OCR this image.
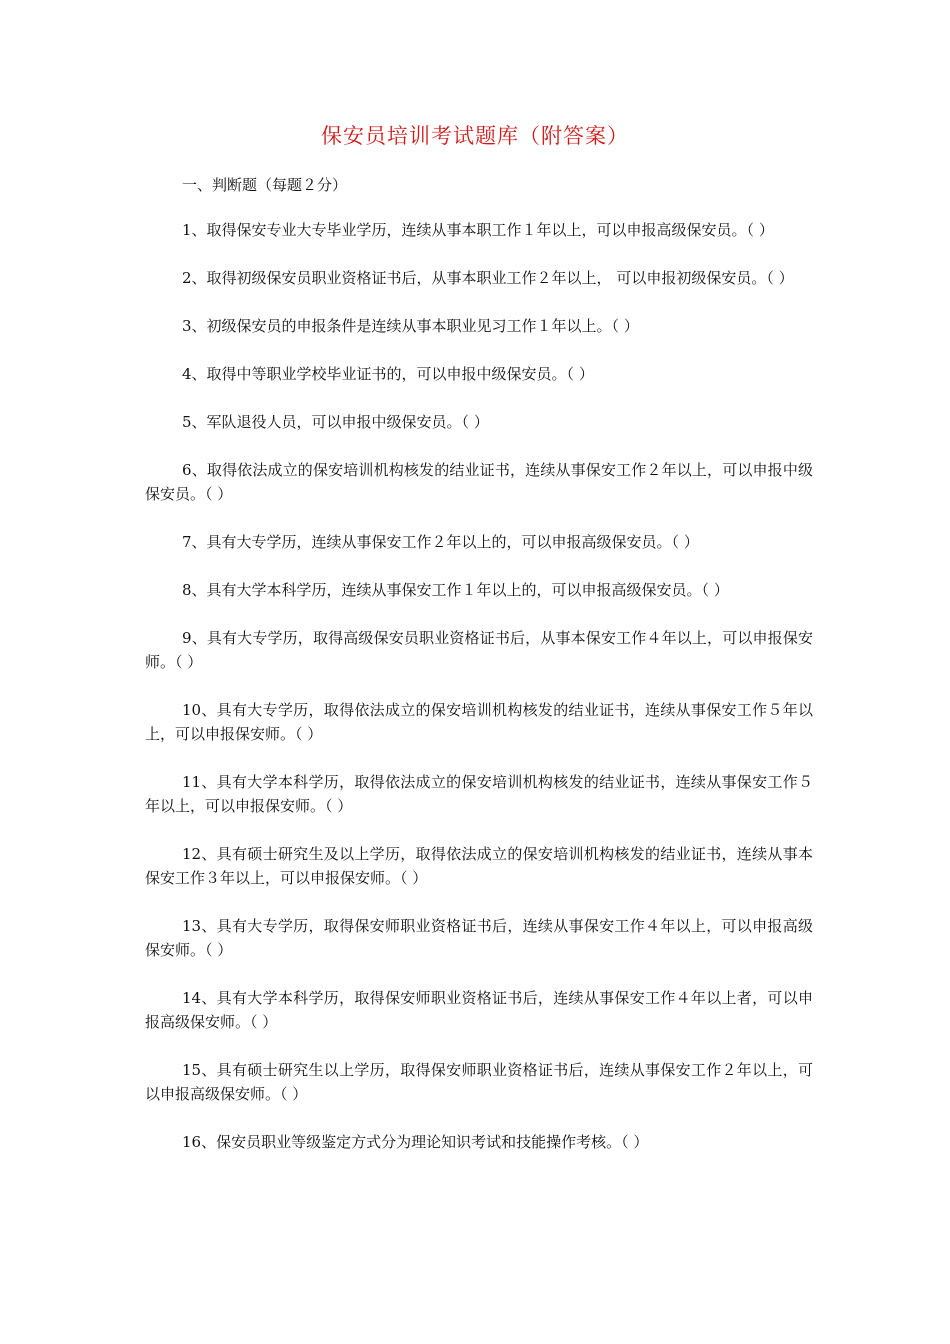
保安员培训考试题库（附答案）
一、判断题（每题２分）
1、取得保安专业大专毕业学历，连续从事本职工作１年以上，可以申报高级保安员。（ ）
2、取得初级保安员职业资格证书后，从事本职业工作２年以上， 可以申报初级保安员。（ ）
3、初级保安员的申报条件是连续从事本职业见习工作１年以上。（ ）
4、取得中等职业学校毕业证书的，可以申报中级保安员。（ ）
5、军队退役人员，可以申报中级保安员。（ ）
6、取得依法成立的保安培训机构核发的结业证书，连续从事保安工作２年以上，可以申报中级保安员。（ ）
7、具有大专学历，连续从事保安工作２年以上的，可以申报高级保安员。（ ）
8、具有大学本科学历，连续从事保安工作１年以上的，可以申报高级保安员。（ ）
9、具有大专学历，取得高级保安员职业资格证书后，从事本保安工作４年以上，可以申报保安师。（ ）
10、具有大专学历，取得依法成立的保安培训机构核发的结业证书，连续从事保安工作５年以上，可以申报保安师。（ ）
11、具有大学本科学历，取得依法成立的保安培训机构核发的结业证书，连续从事保安工作５年以上，可以申报保安师。（ ）
12、具有硕士研究生及以上学历，取得依法成立的保安培训机构核发的结业证书，连续从事本保安工作３年以上，可以申报保安师。（ ）
13、具有大专学历，取得保安师职业资格证书后，连续从事保安工作４年以上，可以申报高级保安师。（ ）
14、具有大学本科学历，取得保安师职业资格证书后，连续从事保安工作４年以上者，可以申报高级保安师。（ ）
15、具有硕士研究生以上学历，取得保安师职业资格证书后，连续从事保安工作２年以上，可以申报高级保安师。（ ）
16、保安员职业等级鉴定方式分为理论知识考试和技能操作考核。（ ）
